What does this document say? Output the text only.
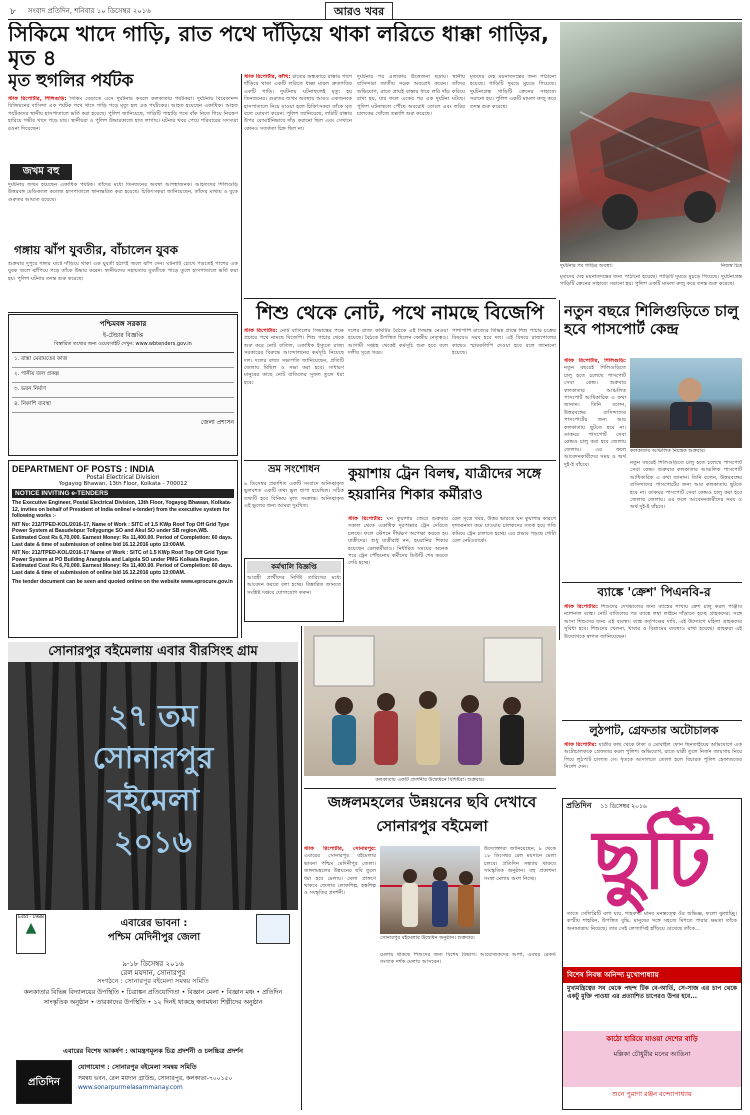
৮ সংবাদ প্রতিদিন, শনিবার ১০ ডিসেম্বর ২০১৬	আরও খবর
সিকিমে খাদে গাড়ি, রাত পথে দাঁড়িয়ে থাকা লরিতে ধাক্কা গাড়ির, মৃত ৪
মৃত হুগলির পর্যটক
স্টাফ রিপোর্টার, শিলিগুড়ি: সিকিম বেড়াতে এসে দুর্ঘটনার কবলে কলকাতার পর্যটকরা। দুর্ঘটনায় বিবেকানন্দ রিজিয়নের বাসিন্দা এক পর্যটক পথে খাদে গাড়ি পড়ে মৃত্যু হল এক পর্যটকের। আহত হয়েছেন একাধিক। আহত পর্যটকদের স্থানীয় হাসপাতালে ভর্তি করা হয়েছে। পুলিশ জানিয়েছে, গাড়িটি পাহাড়ি পথে বাঁক নিতে গিয়ে নিয়ন্ত্রণ হারিয়ে গভীর খাদে পড়ে যায়। স্থানীয়রা ও পুলিশ উদ্ধারকাজে হাত লাগায়। ঘটনার খবর পেয়ে পরিবারের সদস্যরা রওনা দিয়েছেন।
জখম বহু
দুর্ঘটনায় জখম হয়েছেন একাধিক পর্যটক। তাঁদের মধ্যে তিনজনের অবস্থা আশঙ্কাজনক। আহতদের শিলিগুড়ি উত্তরবঙ্গ মেডিক্যাল কলেজ হাসপাতালে স্থানান্তরিত করা হয়েছে। চিকিৎসকরা জানিয়েছেন, তাঁদের মাথায় ও বুকে গুরুতর আঘাত রয়েছে।
গঙ্গায় ঝাঁপ যুবতীর, বাঁচালেন যুবক
শুক্রবার দুপুরে গঙ্গার ঘাটে দাঁড়িয়ে থাকা এক যুবতী হঠাৎই জলে ঝাঁপ দেন। ঘটনাটি চোখে পড়তেই পাশের এক যুবক জলে ঝাঁপিয়ে পড়ে তাঁকে উদ্ধার করেন। স্থানীয়দের সহায়তায় যুবতীকে পাড়ে তুলে হাসপাতালে ভর্তি করা হয়। পুলিশ ঘটনার তদন্ত শুরু করেছে।
স্টাফ রিপোর্টার, কাঁথি: রাতের অন্ধকারে রাস্তার পাশে দাঁড়িয়ে থাকা একটি লরিতে ধাক্কা মারল দ্রুতগতির একটি গাড়ি। দুর্ঘটনায় ঘটনাস্থলেই মৃত্যু হয় তিনজনের। গুরুতর জখম অবস্থায় আরও একজনকে হাসপাতালে নিয়ে যাওয়া হলে চিকিৎসকরা তাঁকে মৃত বলে ঘোষণা করেন। পুলিশ জানিয়েছে, লরিটি রাস্তার উপর বেআইনিভাবে দাঁড় করানো ছিল এবং সেখানে কোনও সতর্কতা চিহ্ন ছিল না।
দুর্ঘটনার পর এলাকায় উত্তেজনা ছড়ায়। স্থানীয় বাসিন্দারা জাতীয় সড়ক অবরোধ করেন। তাঁদের অভিযোগ, রাতে প্রায়ই রাস্তার ধারে লরি দাঁড় করিয়ে রাখা হয়, যার ফলে একের পর এক দুর্ঘটনা ঘটছে। পুলিশ ঘটনাস্থলে পৌঁছে অবরোধ তোলে এবং লরির চালকের খোঁজে তল্লাশি শুরু করেছে।
মৃতদের দেহ ময়নাতদন্তের জন্য পাঠানো হয়েছে। গাড়িটি দুমড়ে মুচড়ে গিয়েছে। দুর্ঘটনাগ্রস্ত গাড়িটি ক্রেনের সাহায্যে সরানো হয়। পুলিশ একটি মামলা রুজু করে তদন্ত শুরু করেছে।
দুর্ঘটনার পর গাড়ির অবস্থা।	নিজস্ব চিত্র
মৃতদের দেহ ময়নাতদন্তের জন্য পাঠানো হয়েছে। গাড়িটি দুমড়ে মুচড়ে গিয়েছে। দুর্ঘটনাগ্রস্ত গাড়িটি ক্রেনের সাহায্যে সরানো হয়। পুলিশ একটি মামলা রুজু করে তদন্ত শুরু করেছে।
পশ্চিমবঙ্গ সরকার
ই-টেন্ডার বিজ্ঞপ্তি
বিস্তারিত তথ্যের জন্য ওয়েবসাইট দেখুন: www.wbtenders.gov.in
১. রাস্তা মেরামতের কাজ
২. পানীয় জল প্রকল্প
৩. ভবন নির্মাণ
৪. নিকাশি ব্যবস্থা
জেলা প্রশাসন
DEPARTMENT OF POSTS : INDIA
Postal Electrical Division
Yogayog Bhawan, 13th Floor, Kolkata - 700012
NOTICE INVITING e-TENDERS
The Executive Engineer, Postal Electrical Division, 13th Floor, Yogayog Bhawan, Kolkata-12, invites on behalf of President of India online/ e-tender) from the executive system for following works :-
NIT No: 212/TPED-KOL/2016-17, Name of Work : SITC of 1.5 KWp Roof Top Off Grid Type Power System at Basudebpur Tollygunge SO and Akul SO under SB region,WB. Estimated Cost Rs 6,70,000. Earnest Money: Rs 11,400.00. Period of Completion: 60 days. Last date & time of submission of online bid 16.12.2016 upto 13:00AM.
NIT No: 212/TPED-KOL/2016-17 Name of Work : SITC of 1.5 KWp Roof Top Off Grid Type Power System at PO Building Arangtola and Lalgola SO under PMG Kolkata Region. Estimated Cost Rs 6,70,000. Earnest Money: Rs 11,400.00. Period of Completion: 60 days. Last date & time of submission of online bid 16.12.2016 upto 13:00AM.
The tender document can be seen and quoted online on the website www.eprocure.gov.in
সোনারপুর বইমেলায় এবার বীরসিংহ গ্রাম
২৭ তম
সোনারপুর
বইমেলা
২০১৬
Estd - 1988
▲	এবারের ভাবনা :
পশ্চিম মেদিনীপুর জেলা
৯-১৮ ডিসেম্বর ২০১৬
রেল ময়দান, সোনারপুর
সংগঠনে : সোনারপুর বইমেলা সমন্বয় সমিতি
কলকাতার বিভিন্ন বিদ্যালয়ের উপস্থিতি • চিত্রাঙ্কন প্রতিযোগিতা • বিজ্ঞান মেলা • বিজ্ঞান মঞ্চ • প্রতিদিন সাংস্কৃতিক অনুষ্ঠান • তারকাদের উপস্থিতি • ১২ দিনই থাকছে স্বনামধন্য শিল্পীদের অনুষ্ঠান
এবারের বিশেষ আকর্ষণ : আমন্ত্রণমূলক চিত্র প্রদর্শনী ও চলচ্চিত্র প্রদর্শন
প্রতিদিন
যোগাযোগ : সোনারপুর বইমেলা সমন্বয় সমিতি
সমন্বয় ভবন, রেল ময়দান গ্রাউন্ড, সোনারপুর, কলকাতা-৭০০১৫০
www.sonarpurmelasammanay.com
শিশু থেকে নোট, পথে নামছে বিজেপি
স্টাফ রিপোর্টার: নোট বাতিলের সিদ্ধান্তের পক্ষে প্রচারে পথে নামছে বিজেপি। শিশু পাচার থেকে শুরু করে নোট বাতিল, একাধিক ইস্যুতে রাজ্য সরকারের বিরুদ্ধে আন্দোলনের কর্মসূচি নিয়েছে দল। দলের রাজ্য সভাপতি জানিয়েছেন, প্রতিটি জেলায় মিছিল ও সভা করা হবে। সাধারণ মানুষের কাছে নোট বাতিলের সুফল তুলে ধরা হবে।
দলের রাজ্য কমিটির বৈঠকে এই সিদ্ধান্ত নেওয়া হয়েছে। বৈঠকে উপস্থিত ছিলেন কেন্দ্রীয় নেতৃত্বও। আগামী সপ্তাহ থেকেই কর্মসূচি শুরু হবে বলে দলীয় সূত্রে খবর।
পাশাপাশি রাজ্যের বিভিন্ন প্রান্তে শিশু পাচার চক্রের বিষয়েও সরব হবে দল। এই বিষয়ে রাজ্যপালের কাছেও স্মারকলিপি দেওয়া হবে বলে জানানো হয়েছে।
নতুন বছরে শিলিগুড়িতে চালু হবে পাসপোর্ট কেন্দ্র
স্টাফ রিপোর্টার, শিলিগুড়ি: নতুন বছরেই শিলিগুড়িতে চালু হতে চলেছে পাসপোর্ট সেবা কেন্দ্র। শুক্রবার কলকাতার আঞ্চলিক পাসপোর্ট আধিকারিক এ কথা জানান। তিনি বলেন, উত্তরবঙ্গের বাসিন্দাদের পাসপোর্টের জন্য আর কলকাতায় ছুটতে হবে না। ডাকঘর পাসপোর্ট সেবা কেন্দ্রও চালু করা হবে জেলায় জেলায়। এর ফলে আবেদনকারীদের সময় ও অর্থ দুই-ই বাঁচবে।
কলকাতায় আঞ্চলিক নিয়ন্ত্রক শুক্রবার।
নতুন বছরেই শিলিগুড়িতে চালু হতে চলেছে পাসপোর্ট সেবা কেন্দ্র। শুক্রবার কলকাতার আঞ্চলিক পাসপোর্ট আধিকারিক এ কথা জানান। তিনি বলেন, উত্তরবঙ্গের বাসিন্দাদের পাসপোর্টের জন্য আর কলকাতায় ছুটতে হবে না। ডাকঘর পাসপোর্ট সেবা কেন্দ্রও চালু করা হবে জেলায় জেলায়। এর ফলে আবেদনকারীদের সময় ও অর্থ দুই-ই বাঁচবে।
ব্যাঙ্কে 'ক্রেশ' পিএনবি-র
স্টাফ রিপোর্টার: শিশুদের দেখভালের জন্য ব্যাঙ্কের শাখায় ক্রেশ চালু করল পাঞ্জাব ন্যাশনাল ব্যাঙ্ক। নোট বাতিলের পর ব্যাঙ্কে লম্বা লাইনে দাঁড়াতে হচ্ছে গ্রাহকদের। সঙ্গে আসা শিশুদের জন্য এই ব্যবস্থা। ব্যাঙ্ক কর্তৃপক্ষের দাবি, এই উদ্যোগে মহিলা গ্রাহকদের সুবিধা হবে। শিশুদের খেলনা, খাবার ও বিশ্রামের ব্যবস্থাও রাখা হয়েছে। গ্রাহকরা এই উদ্যোগকে স্বাগত জানিয়েছেন।
লুঠপাট, গ্রেফতার অটোচালক
স্টাফ রিপোর্টার: যাত্রীর কাছ থেকে টাকা ও মোবাইল ফোন ছিনতাইয়ের অভিযোগে এক অটোচালককে গ্রেফতার করল পুলিশ। অভিযোগ, রাতে যাত্রী তুলে নির্জন জায়গায় নিয়ে গিয়ে লুঠপাট চালাত সে। ধৃতকে আদালতে তোলা হলে বিচারক পুলিশ হেফাজতের নির্দেশ দেন।
ভ্রম সংশোধন
৯ ডিসেম্বর প্রকাশিত একটি সংবাদে অনিচ্ছাকৃত ভুলবশত একটি তথ্য ভুল ছাপা হয়েছিল। সঠিক তথ্যটি হবে বিনিময় মূল্য সংক্রান্ত। অনিচ্ছাকৃত এই ভুলের জন্য আমরা দুঃখিত।
কর্মখালি বিজ্ঞপ্তি
আগ্রহী প্রার্থীদের নির্দিষ্ট তারিখের মধ্যে আবেদন করতে বলা হচ্ছে। বিস্তারিত জানতে সংশ্লিষ্ট দপ্তরে যোগাযোগ করুন।
কুয়াশায় ট্রেন বিলম্ব, যাত্রীদের সঙ্গে হয়রানির শিকার কর্মীরাও
স্টাফ রিপোর্টার: ঘন কুয়াশার জেরে শুক্রবার সকাল থেকে একাধিক দূরপাল্লার ট্রেন দেরিতে চলছে। ফলে স্টেশনে দীর্ঘক্ষণ অপেক্ষা করতে হয় যাত্রীদের। শুধু যাত্রীরাই নন, হয়রানির শিকার হয়েছেন রেলকর্মীরাও। নির্ধারিত সময়ের অনেক পরে ট্রেন পৌঁছনোয় কর্মীদের ডিউটি শেষ করতে দেরি হচ্ছে।
রেল সূত্রে খবর, উত্তর ভারতে ঘন কুয়াশার কারণে দৃশ্যমানতা কমে যাওয়ায় চালকদের সতর্ক হয়ে গতি কমিয়ে ট্রেন চালাতে হচ্ছে। এর প্রভাব পড়ছে গোটা রেল নেটওয়ার্কে।
কলকাতায় একটি প্রদর্শনীর উদ্বোধনে বিশিষ্টরা। শুক্রবার।
জঙ্গলমহলের উন্নয়নের ছবি দেখাবে সোনারপুর বইমেলা
স্টাফ রিপোর্টার, সোনারপুর: এবারের সোনারপুর বইমেলার ভাবনা পশ্চিম মেদিনীপুর জেলা। জঙ্গলমহলের উন্নয়নের ছবি তুলে ধরা হবে মেলায়। মেলা প্রাঙ্গণে থাকবে জেলার লোকশিল্প, হস্তশিল্প ও সংস্কৃতির প্রদর্শনী।
সোনারপুর বইমেলার উদ্বোধন অনুষ্ঠান। শুক্রবার।
উদ্যোক্তারা জানিয়েছেন, ৯ থেকে ১৮ ডিসেম্বর রেল ময়দানে মেলা চলবে। প্রতিদিন সন্ধ্যায় থাকবে সাংস্কৃতিক অনুষ্ঠান। বহু প্রকাশনা সংস্থা মেলায় অংশ নিচ্ছে।
মেলায় থাকছে শিশুদের জন্য বিশেষ বিভাগ। আয়োজকদের আশা, এবছর রেকর্ড সংখ্যক দর্শক মেলায় আসবেন।
প্রতিদিন ১১ ডিসেম্বর ২০১৬
ছুটি
তাতে সেলিব্রিটি বলা যায়, শাহরুখ। মানব মনস্তত্ত্বে ওঁর অভিজ্ঞ, ফলো ঝুলাচ্ছ্রি। কস্মীয় শাহরিন, উপস্থিত বুদ্ধি, মানুষের সঙ্গে সহজে মিশতে পারার ক্ষমতা তাঁকে অন্যমাত্রায় নিয়েছে। তার সেই লেগ্যাসিই হাঁড়িয়ে রেখেছে তাঁকে...
বিশেষ নিবন্ধ অনিন্দ্য মুখোপাধ্যায়
মুখ্যমন্ত্রিত্বের সব থেকে পছন্দ টিক বে-আর্তি, সে-সাজ এর চাপ থেকে একটু মুক্তি পাওয়া এর প্রত্যাশিত চাপেরও উপর হবে...
কাঠো হারিয়ে যাওয়া দেশের বাড়ি
মল্লিকা চৌধুরীর মনের আঙিনা
শুনে পুরাণা রঞ্জন বন্দ্যোপাধ্যায়
